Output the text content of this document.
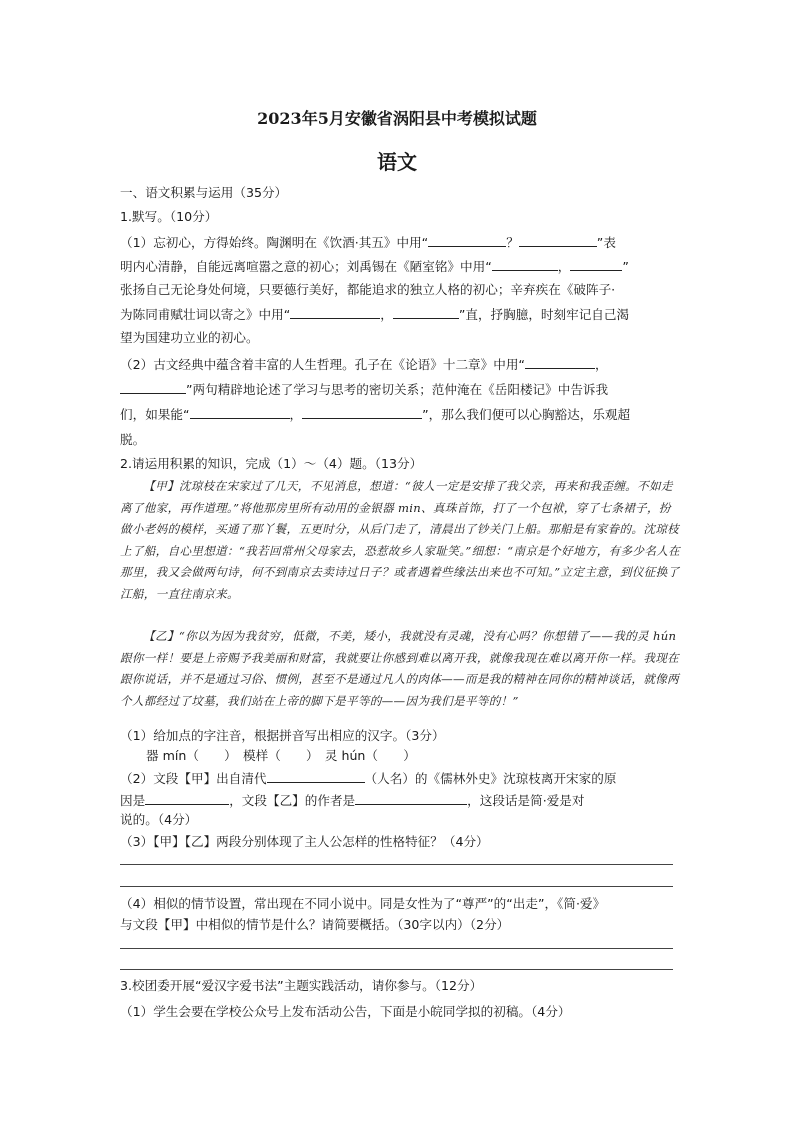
2023年5月安徽省涡阳县中考模拟试题
语文
一、语文积累与运用（35分）
1.默写。（10分）
（1）忘初心，方得始终。陶渊明在《饮酒·其五》中用“	？	”表
明内心清静，自能远离喧嚣之意的初心；刘禹锡在《陋室铭》中用“	，	”
张扬自己无论身处何境，只要德行美好，都能追求的独立人格的初心；辛弃疾在《破阵子·
为陈同甫赋壮词以寄之》中用“	，	”直，抒胸臆，时刻牢记自己渴
望为国建功立业的初心。
（2）古文经典中蕴含着丰富的人生哲理。孔子在《论语》十二章》中用“	，
”两句精辟地论述了学习与思考的密切关系；范仲淹在《岳阳楼记》中告诉我
们，如果能“	，	”，那么我们便可以心胸豁达，乐观超
脱。
2.请运用积累的知识，完成（1）～（4）题。（13分）
【甲】沈琼枝在宋家过了几天，不见消息，想道：“彼人一定是安排了我父亲，再来和我歪缠。不如走离了他家，再作道理。”将他那房里所有动用的金银器 min、真珠首饰，打了一个包袱，穿了七条裙子，扮做小老妈的模样，买通了那丫鬟，五更时分，从后门走了，清晨出了钞关门上船。那船是有家眷的。沈琼枝上了船，自心里想道：“我若回常州父母家去，恐惹故乡人家耻笑。”细想：“南京是个好地方，有多少名人在那里，我又会做两句诗，何不到南京去卖诗过日子？或者遇着些缘法出来也不可知。”立定主意，到仪征换了江船，一直往南京来。
【乙】“你以为因为我贫穷，低微，不美，矮小，我就没有灵魂，没有心吗？你想错了——我的灵 hún 跟你一样！要是上帝赐予我美丽和财富，我就要让你感到难以离开我，就像我现在难以离开你一样。我现在跟你说话，并不是通过习俗、惯例，甚至不是通过凡人的肉体——而是我的精神在同你的精神谈话，就像两个人都经过了坟墓，我们站在上帝的脚下是平等的——因为我们是平等的！”
（1）给加点的字注音，根据拼音写出相应的汉字。（3分）
器 mín（　　）　模样（　　）　灵 hún（　　）
（2）文段【甲】出自清代	（人名）的《儒林外史》沈琼枝离开宋家的原
因是	，文段【乙】的作者是	，这段话是简·爱是对
说的。（4分）
（3）【甲】【乙】两段分别体现了主人公怎样的性格特征？（4分）
（4）相似的情节设置，常出现在不同小说中。同是女性为了“尊严”的“出走”，《简·爱》
与文段【甲】中相似的情节是什么？请简要概括。（30字以内）（2分）
3.校团委开展“爱汉字爱书法”主题实践活动，请你参与。（12分）
（1）学生会要在学校公众号上发布活动公告，下面是小皖同学拟的初稿。（4分）
